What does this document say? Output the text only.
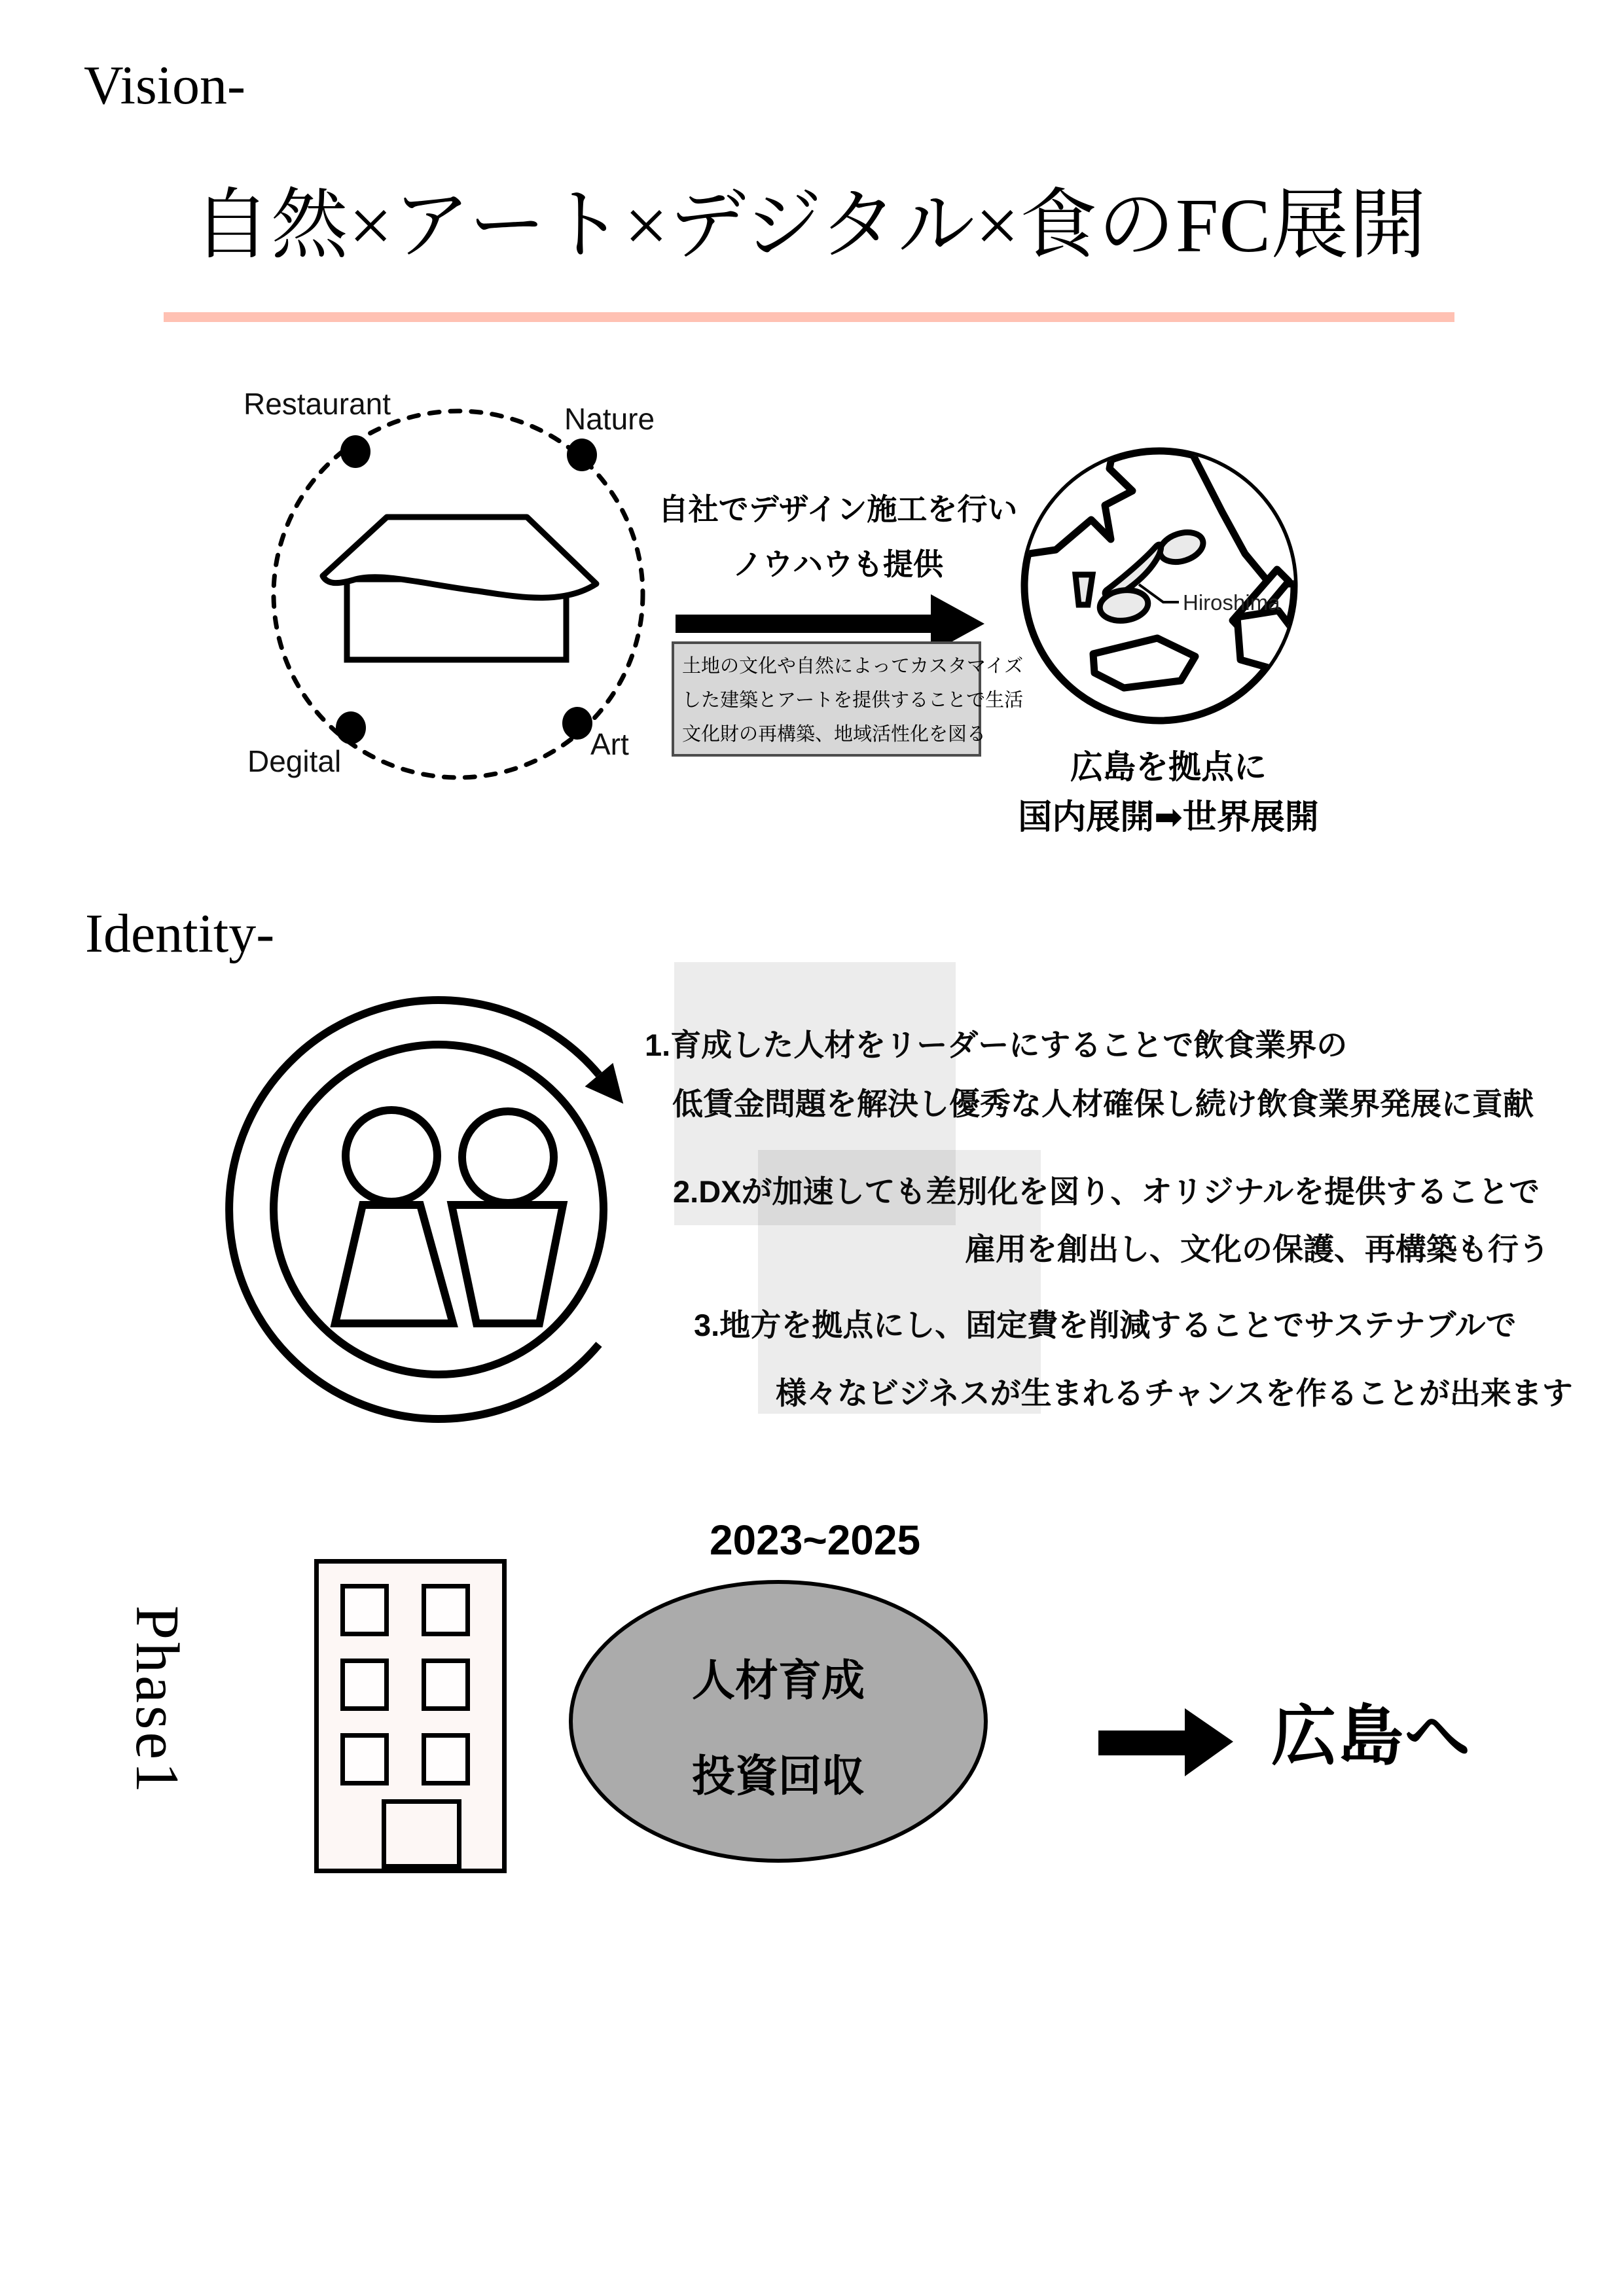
Vision-
自然×アート×デジタル×食のFC展開
Restaurant	Nature
Degital	Art
自社でデザイン施工を行い
ノウハウも提供
土地の文化や自然によってカスタマイズ
した建築とアートを提供することで生活
文化財の再構築、地域活性化を図る
Hiroshima
広島を拠点に
国内展開➡世界展開
Identity-
1.育成した人材をリーダーにすることで飲食業界の
低賃金問題を解決し優秀な人材確保し続け飲食業界発展に貢献
2.DXが加速しても差別化を図り、オリジナルを提供することで
雇用を創出し、文化の保護、再構築も行う
3.地方を拠点にし、固定費を削減することでサステナブルで
様々なビジネスが生まれるチャンスを作ることが出来ます
Phase1
2023~2025
人材育成
投資回収
広島へ
